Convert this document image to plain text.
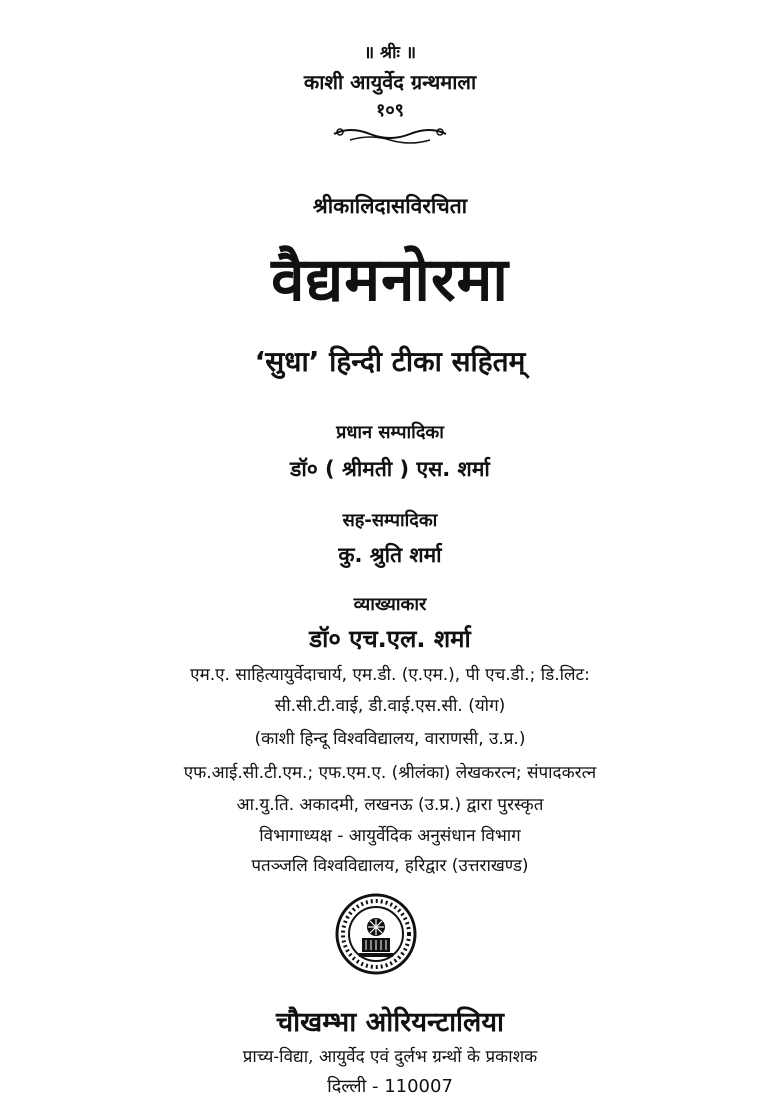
॥ श्रीः ॥
काशी आयुर्वेद ग्रन्थमाला
१०९
श्रीकालिदासविरचिता
वैद्यमनोरमा
‘सुधा’ हिन्दी टीका सहितम्
प्रधान सम्पादिका
डॉ० ( श्रीमती ) एस. शर्मा
सह-सम्पादिका
कु. श्रुति शर्मा
व्याख्याकार
डॉ० एच.एल. शर्मा
एम.ए. साहित्यायुर्वेदाचार्य, एम.डी. (ए.एम.), पी एच.डी.; डि.लिट:
सी.सी.टी.वाई, डी.वाई.एस.सी. (योग)
(काशी हिन्दू विश्वविद्यालय, वाराणसी, उ.प्र.)
एफ.आई.सी.टी.एम.; एफ.एम.ए. (श्रीलंका) लेखकरत्न; संपादकरत्न
आ.यु.ति. अकादमी, लखनऊ (उ.प्र.) द्वारा पुरस्कृत
विभागाध्यक्ष - आयुर्वेदिक अनुसंधान विभाग
पतञ्जलि विश्वविद्यालय, हरिद्वार (उत्तराखण्ड)
चौखम्भा ओरियन्टालिया
प्राच्य-विद्या, आयुर्वेद एवं दुर्लभ ग्रन्थों के प्रकाशक
दिल्ली - 110007
